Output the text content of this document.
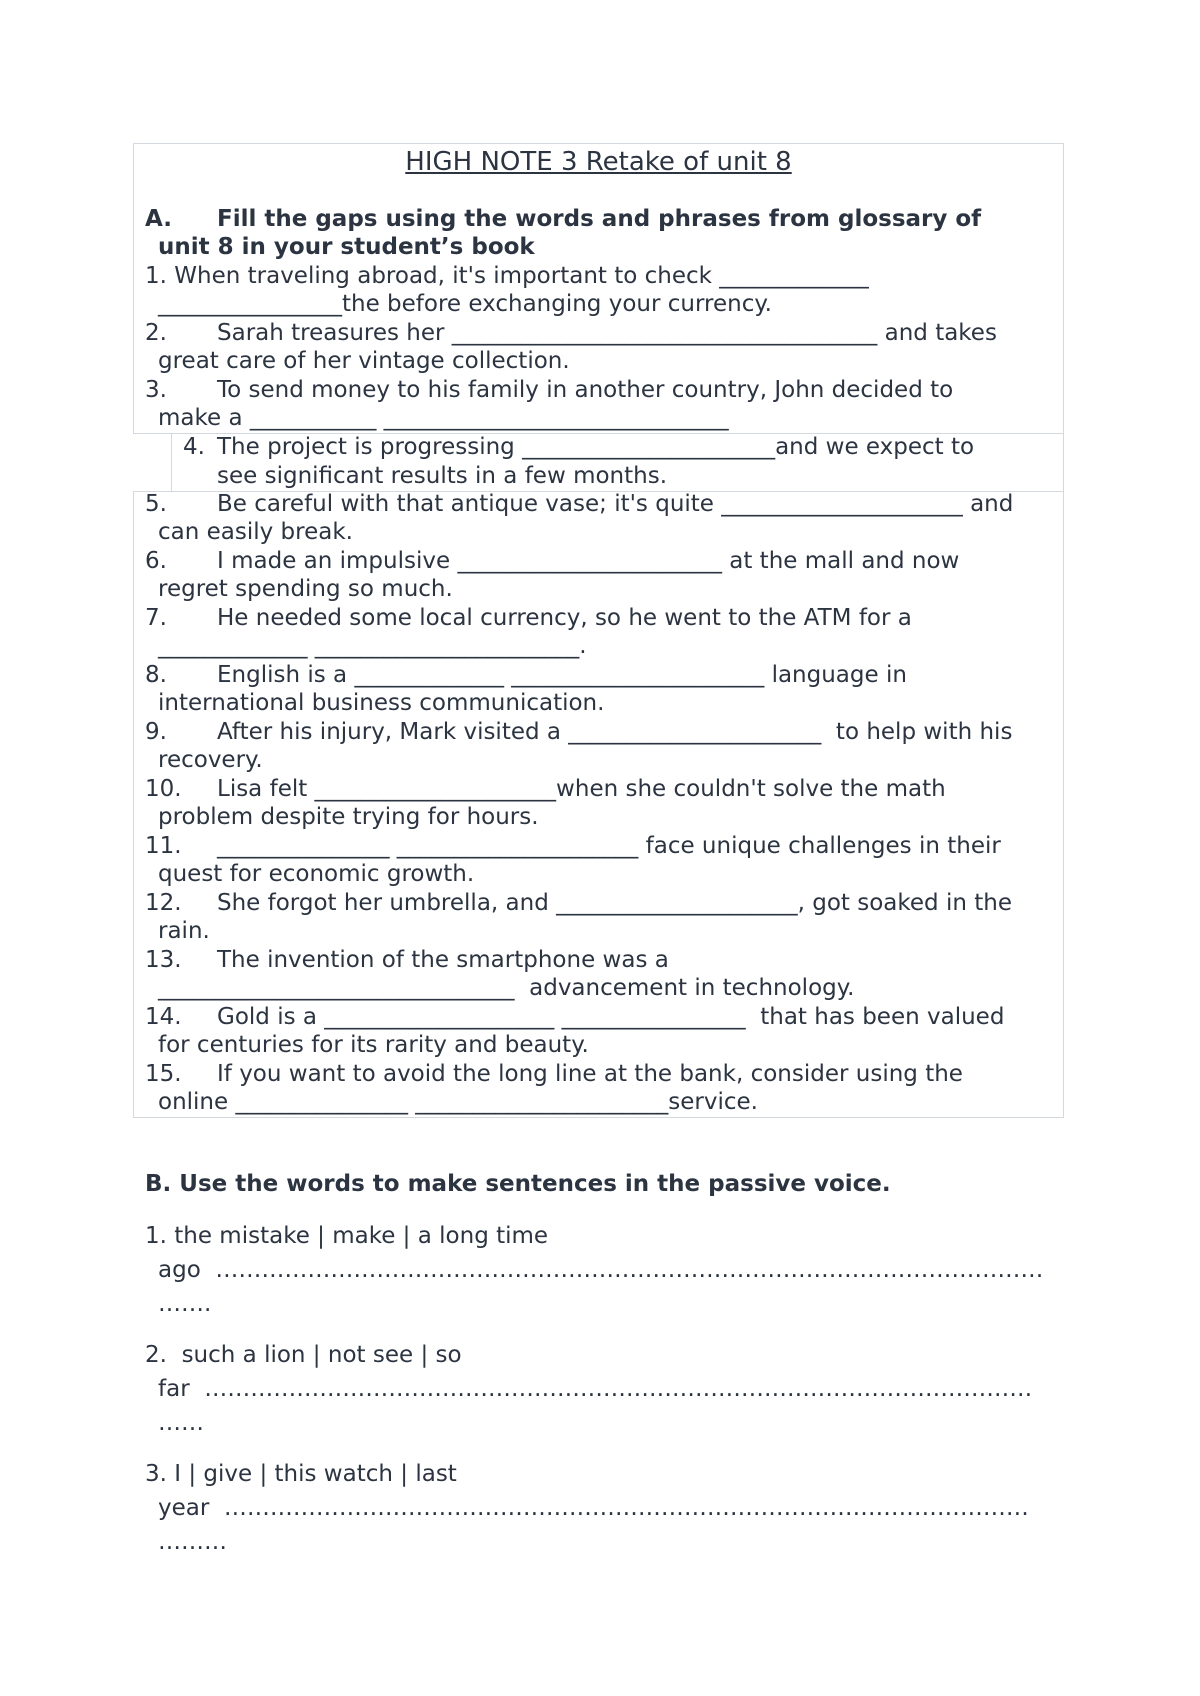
HIGH NOTE 3 Retake of unit 8
A. Fill the gaps using the words and phrases from glossary of
unit 8 in your student’s book
1. When traveling abroad, it's important to check _____________
________________the before exchanging your currency.
2. Sarah treasures her _____________________________________ and takes
great care of her vintage collection.
3. To send money to his family in another country, John decided to
make a ___________ ______________________________
4. The project is progressing ______________________and we expect to
see significant results in a few months.
5. Be careful with that antique vase; it's quite _____________________ and
can easily break.
6. I made an impulsive _______________________ at the mall and now
regret spending so much.
7. He needed some local currency, so he went to the ATM for a
_____________ _______________________.
8. English is a _____________ ______________________ language in
international business communication.
9. After his injury, Mark visited a ______________________  to help with his
recovery.
10. Lisa felt _____________________when she couldn't solve the math
problem despite trying for hours.
11. _______________ _____________________ face unique challenges in their
quest for economic growth.
12. She forgot her umbrella, and _____________________, got soaked in the
rain.
13. The invention of the smartphone was a
_______________________________  advancement in technology.
14. Gold is a ____________________ ________________  that has been valued
for centuries for its rarity and beauty.
15. If you want to avoid the long line at the bank, consider using the
online _______________ ______________________service.
B. Use the words to make sentences in the passive voice.
1. the mistake | make | a long time
ago  ………………………………………………………………………………………………
…….
2.  such a lion | not see | so
far  ………………………………………………………………………………………………
……
3. I | give | this watch | last
year  ……………………………………………………………………………………………
………
